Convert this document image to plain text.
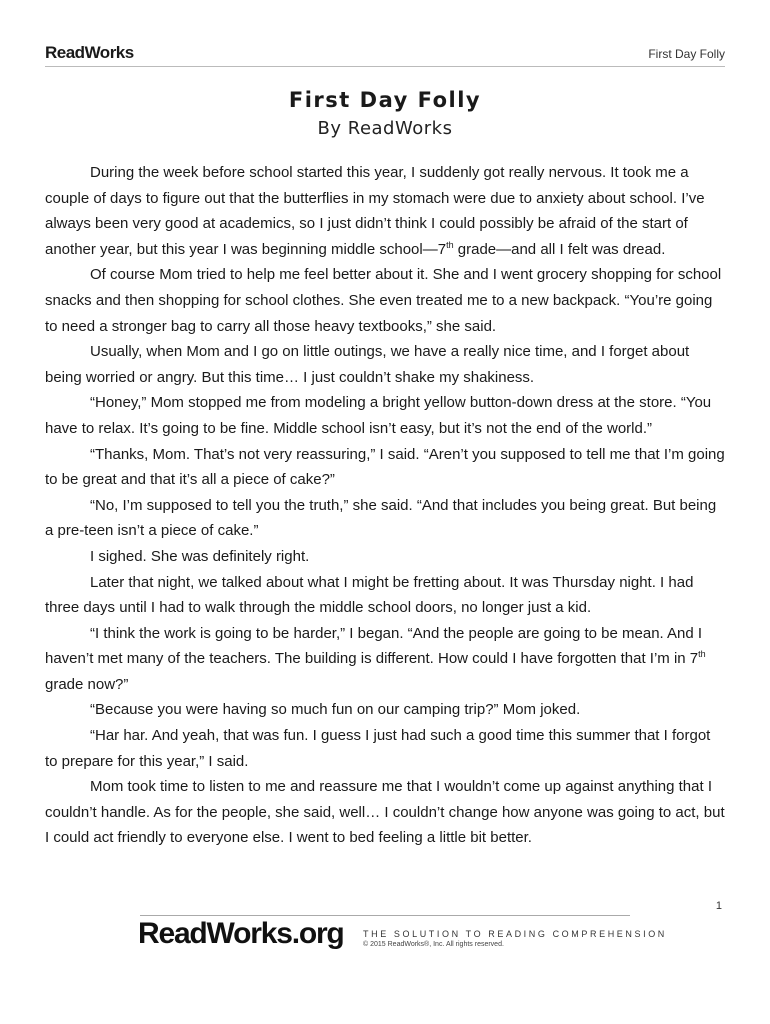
ReadWorks	First Day Folly
First Day Folly
By ReadWorks

During the week before school started this year, I suddenly got really nervous. It took me a couple of days to figure out that the butterflies in my stomach were due to anxiety about school. I’ve always been very good at academics, so I just didn’t think I could possibly be afraid of the start of another year, but this year I was beginning middle school—7th grade—and all I felt was dread.

Of course Mom tried to help me feel better about it. She and I went grocery shopping for school snacks and then shopping for school clothes. She even treated me to a new backpack. “You’re going to need a stronger bag to carry all those heavy textbooks,” she said.

Usually, when Mom and I go on little outings, we have a really nice time, and I forget about being worried or angry. But this time… I just couldn’t shake my shakiness.

“Honey,” Mom stopped me from modeling a bright yellow button-down dress at the store. “You have to relax. It’s going to be fine. Middle school isn’t easy, but it’s not the end of the world.”

“Thanks, Mom. That’s not very reassuring,” I said. “Aren’t you supposed to tell me that I’m going to be great and that it’s all a piece of cake?”

“No, I’m supposed to tell you the truth,” she said. “And that includes you being great. But being a pre-teen isn’t a piece of cake.”

I sighed. She was definitely right.

Later that night, we talked about what I might be fretting about. It was Thursday night. I had three days until I had to walk through the middle school doors, no longer just a kid.

“I think the work is going to be harder,” I began. “And the people are going to be mean. And I haven’t met many of the teachers. The building is different. How could I have forgotten that I’m in 7th grade now?”

“Because you were having so much fun on our camping trip?” Mom joked.

“Har har. And yeah, that was fun. I guess I just had such a good time this summer that I forgot to prepare for this year,” I said.

Mom took time to listen to me and reassure me that I wouldn’t come up against anything that I couldn’t handle. As for the people, she said, well… I couldn’t change how anyone was going to act, but I could act friendly to everyone else. I went to bed feeling a little bit better.

1
ReadWorks.org THE SOLUTION TO READING COMPREHENSION
© 2015 ReadWorks®, Inc. All rights reserved.
